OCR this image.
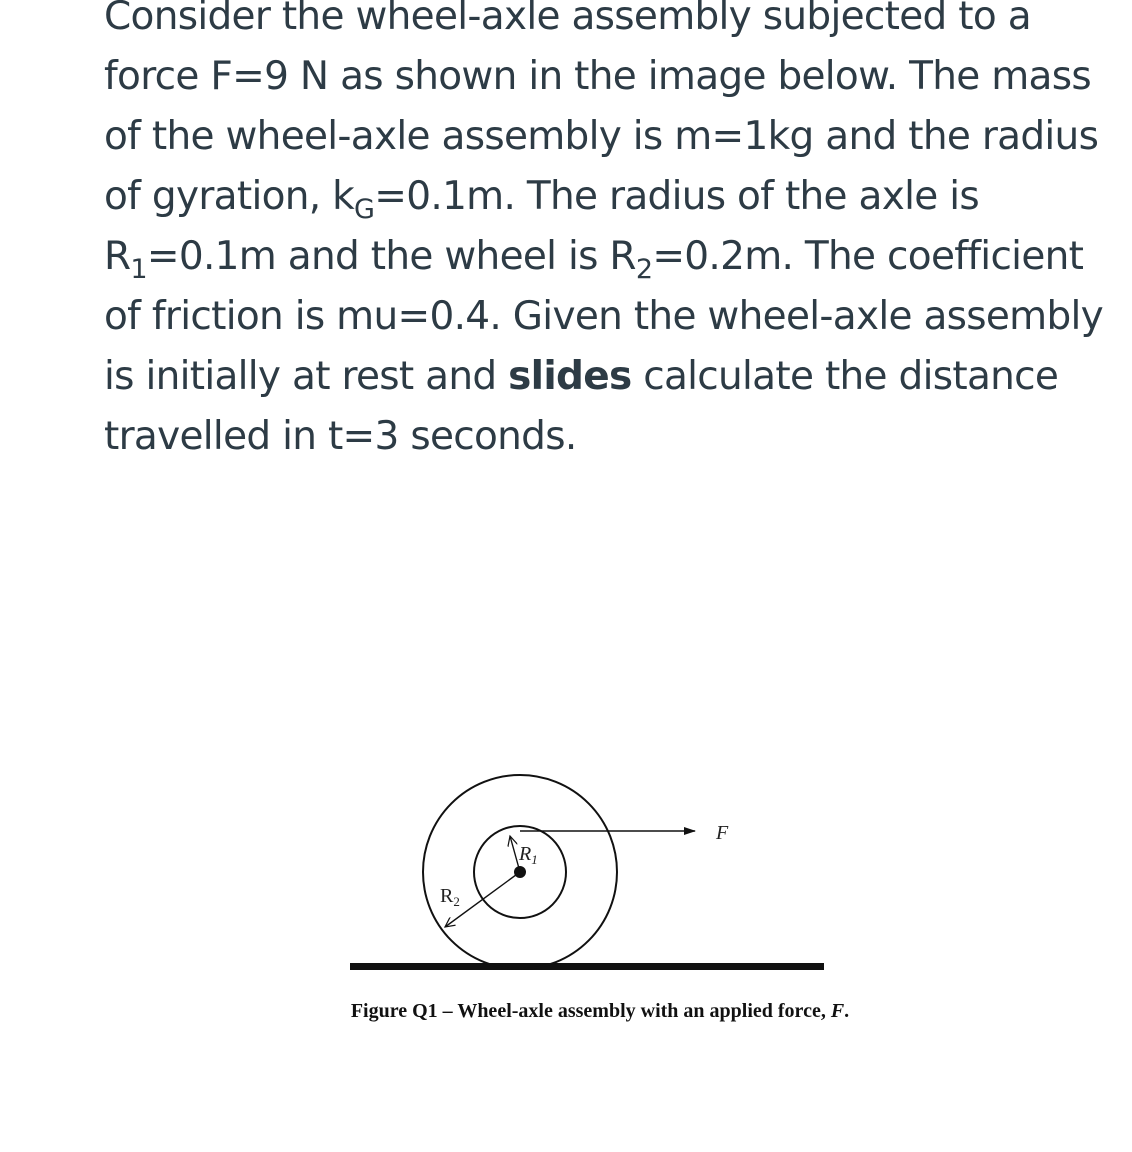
Consider the wheel-axle assembly subjected to a force F=9 N as shown in the image below. The mass of the wheel-axle assembly is m=1kg and the radius of gyration, $k_G=0.1m$. The radius of the axle is $R_1=0.1m$ and the wheel is $R_2=0.2m$. The coefficient of friction is mu=0.4. Given the wheel-axle assembly is initially at rest and slides calculate the distance travelled in t=3 seconds.

F
$R_1$
$R_2$

Figure Q1 – Wheel-axle assembly with an applied force, F.
